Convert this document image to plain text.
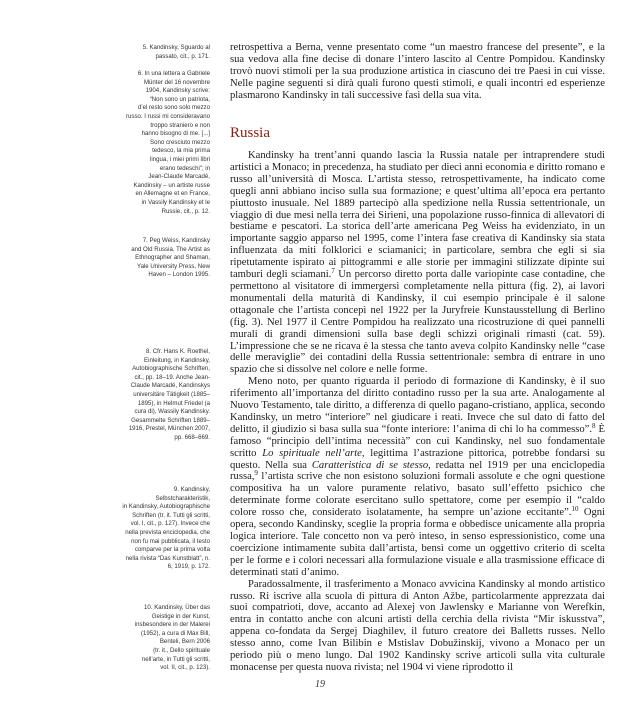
5. Kandinsky, Sguardo al
passato, cit., p. 171.
6. In una lettera a Gabriele
Münter del 16 novembre
1904, Kandinsky scrive:
“Non sono un patriota,
d’el resto sono solo mezzo
russo. I russi mi consideravano
troppo straniero e non
hanno bisogno di me. [...]
Sono cresciuto mezzo
tedesco, la mia prima
lingua, i miei primi libri
erano tedeschi”; in
Jean-Claude Marcadé,
Kandinsky – un artiste russe
en Allemagne et en France,
in Vassily Kandinsky et le
Russie, cit., p. 12.
7. Peg Weiss, Kandinsky
and Old Russia. The Artist as
Ethnographer and Shaman,
Yale University Press, New
Haven – London 1995.
8. Cfr. Hans K. Roethel,
Einleitung, in Kandinsky,
Autobiographische Schriften,
cit., pp. 18–19. Anche Jean-
Claude Marcadé, Kandinskys
universitäre Tätigkeit (1885–
1895), in Helmut Friedel (a
cura di), Wassily Kandinsky.
Gesammelte Schriften 1889–
1916, Prestel, München 2007,
pp. 668–669.
9. Kandinsky,
Selbstcharakteristik,
in Kandinsky, Autobiographische
Schriften (tr. it. Tutti gli scritti,
vol. I, cit., p. 127). Invece che
nella prevista enciclopedia, che
non fu mai pubblicata, il testo
comparve per la prima volta
nella rivista “Das Kunstblatt”, n.
6, 1919, p. 172.
10. Kandinsky, Über das
Geistige in der Kunst,
insbesondere in der Malerei
(1952), a cura di Max Bill,
Benteli, Bern 2006
(tr. it., Dello spirituale
nell’arte, in Tutti gli scritti,
vol. II, cit., p. 123).

retrospettiva a Berna, venne presentato come “un maestro francese del presente”, e la sua vedova alla fine decise di donare l’intero lascito al Centre Pompidou. Kandinsky trovò nuovi stimoli per la sua produzione artistica in ciascuno dei tre Paesi in cui visse. Nelle pagine seguenti si dirà quali furono questi stimoli, e quali incontri ed esperienze plasmarono Kandinsky in tali successive fasi della sua vita.

Russia

Kandinsky ha trent’anni quando lascia la Russia natale per intraprendere studi artistici a Monaco; in precedenza, ha studiato per dieci anni economia e diritto romano e russo all’università di Mosca. L’artista stesso, retrospettivamente, ha indicato come quegli anni abbiano inciso sulla sua formazione; e quest’ultima all’epoca era pertanto piuttosto inusuale. Nel 1889 partecipò alla spedizione nella Russia settentrionale, un viaggio di due mesi nella terra dei Sirieni, una popolazione russo-finnica di allevatori di bestiame e pescatori. La storica dell’arte americana Peg Weiss ha evidenziato, in un importante saggio apparso nel 1995, come l’intera fase creativa di Kandinsky sia stata influenzata da miti folklorici e sciamanici; in particolare, sembra che egli si sia ripetutamente ispirato ai pittogrammi e alle storie per immagini stilizzate dipinte sui tamburi degli sciamani.$^7$ Un percorso diretto porta dalle variopinte case contadine, che permettono al visitatore di immergersi completamente nella pittura (fig. 2), ai lavori monumentali della maturità di Kandinsky, il cui esempio principale è il salone ottagonale che l’artista concepì nel 1922 per la Juryfreie Kunstausstellung di Berlino (fig. 3). Nel 1977 il Centre Pompidou ha realizzato una ricostruzione di quei pannelli murali di grandi dimensioni sulla base degli schizzi originali rimasti (cat. 59). L’impressione che se ne ricava è la stessa che tanto aveva colpito Kandinsky nelle “case delle meraviglie” dei contadini della Russia settentrionale: sembra di entrare in uno spazio che si dissolve nel colore e nelle forme.

Meno noto, per quanto riguarda il periodo di formazione di Kandinsky, è il suo riferimento all’importanza del diritto contadino russo per la sua arte. Analogamente al Nuovo Testamento, tale diritto, a differenza di quello pagano-cristiano, applica, secondo Kandinsky, un metro “interiore” nel giudicare i reati. Invece che sul dato di fatto del delitto, il giudizio si basa sulla sua “fonte interiore: l’anima di chi lo ha commesso”.$^8$ È famoso “principio dell’intima necessità” con cui Kandinsky, nel suo fondamentale scritto Lo spirituale nell’arte, legittima l’astrazione pittorica, potrebbe fondarsi su questo. Nella sua Caratteristica di se stesso, redatta nel 1919 per una enciclopedia russa,$^9$ l’artista scrive che non esistono soluzioni formali assolute e che ogni questione compositiva ha un valore puramente relativo, basato sull’effetto psichico che determinate forme colorate esercitano sullo spettatore, come per esempio il “caldo colore rosso che, considerato isolatamente, ha sempre un’azione eccitante”.$^{10}$ Ogni opera, secondo Kandinsky, sceglie la propria forma e obbedisce unicamente alla propria logica interiore. Tale concetto non va però inteso, in senso espressionistico, come una coercizione intimamente subita dall’artista, bensì come un oggettivo criterio di scelta per le forme e i colori necessari alla formulazione visuale e alla trasmissione efficace di determinati stati d’animo.

Paradossalmente, il trasferimento a Monaco avvicina Kandinsky al mondo artistico russo. Ri iscrive alla scuola di pittura di Anton Ažbe, particolarmente apprezzata dai suoi compatrioti, dove, accanto ad Alexej von Jawlensky e Marianne von Werefkin, entra in contatto anche con alcuni artisti della cerchia della rivista “Mir iskusstva”, appena co-fondata da Sergej Diaghilev, il futuro creatore dei Balletts russes. Nello stesso anno, come Ivan Bilibin e Mstislav Dobužinskij, vivono a Monaco per un periodo più o meno lungo. Dal 1902 Kandinsky scrive articoli sulla vita culturale monacense per questa nuova rivista; nel 1904 vi viene riprodotto il

19
